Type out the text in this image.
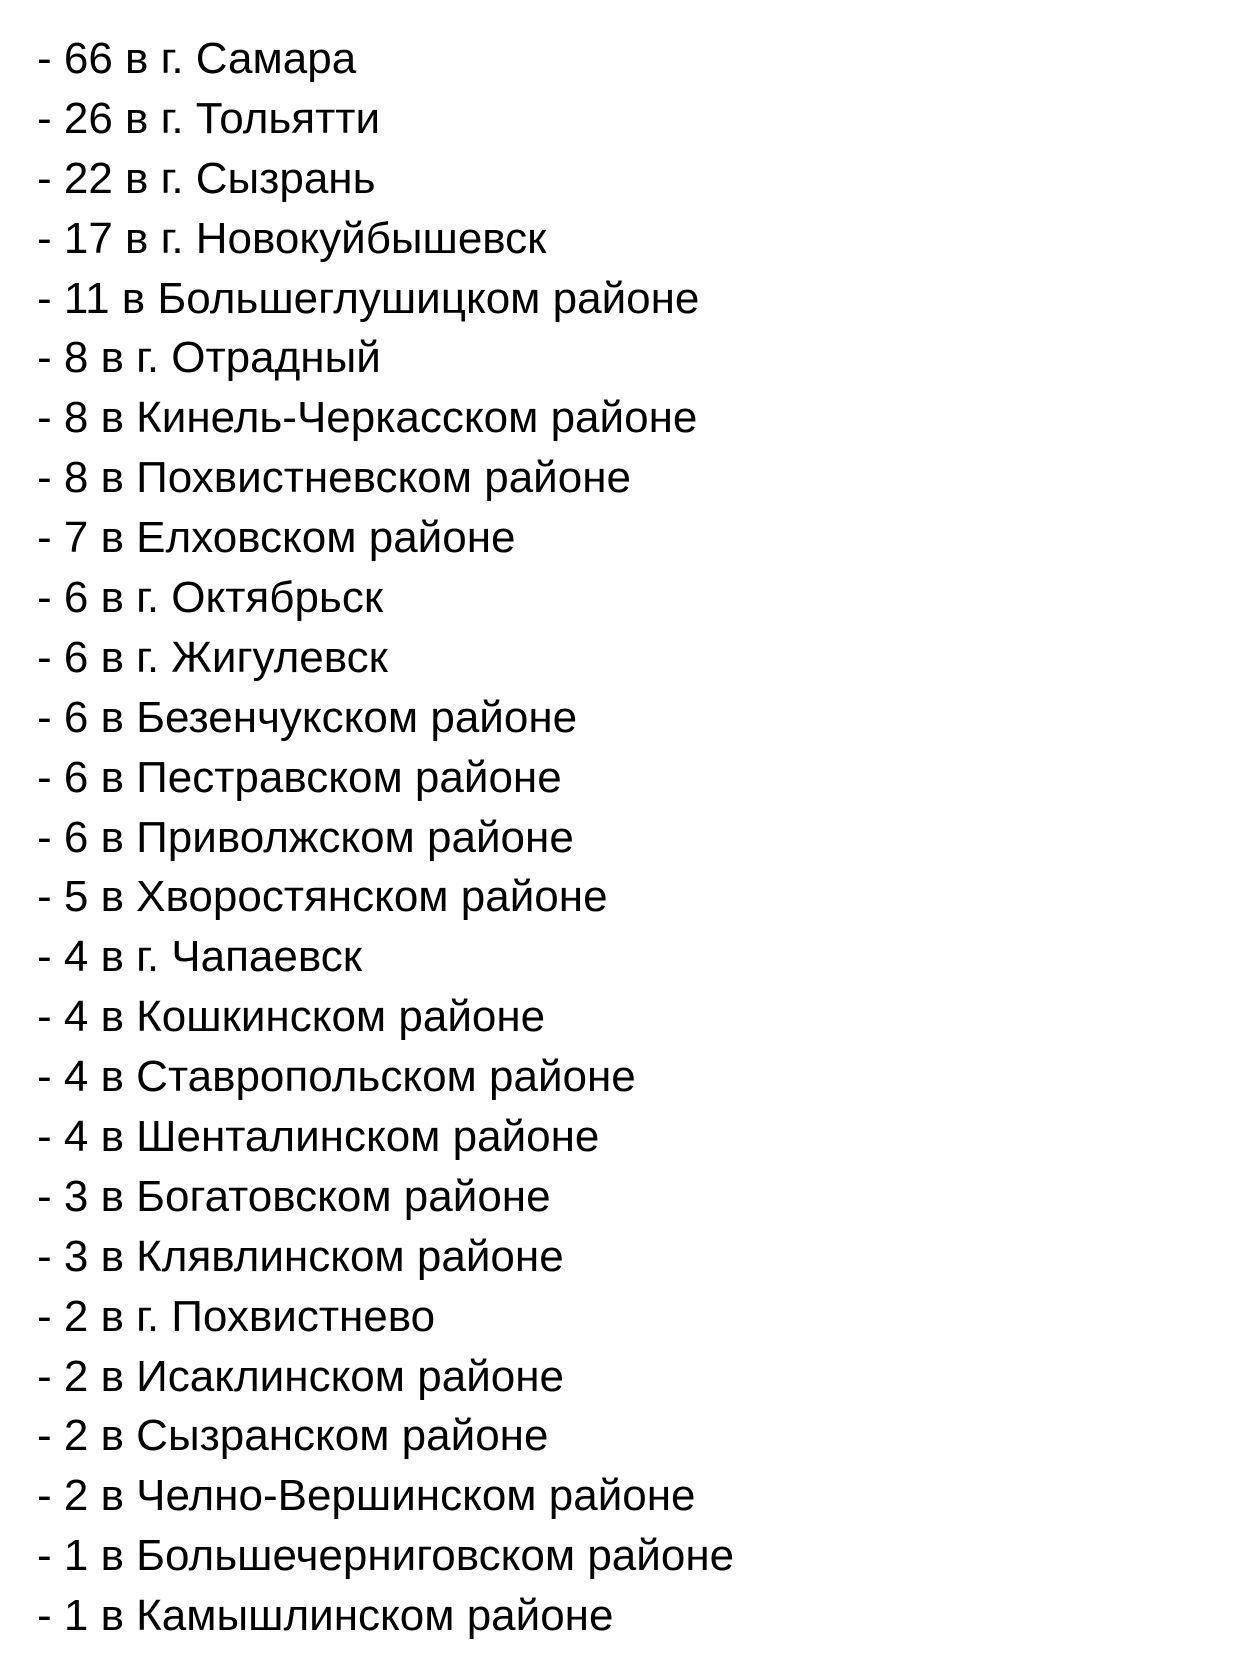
- 66 в г. Самара
- 26 в г. Тольятти
- 22 в г. Сызрань
- 17 в г. Новокуйбышевск
- 11 в Большеглушицком районе
- 8 в г. Отрадный
- 8 в Кинель-Черкасском районе
- 8 в Похвистневском районе
- 7 в Елховском районе
- 6 в г. Октябрьск
- 6 в г. Жигулевск
- 6 в Безенчукском районе
- 6 в Пестравском районе
- 6 в Приволжском районе
- 5 в Хворостянском районе
- 4 в г. Чапаевск
- 4 в Кошкинском районе
- 4 в Ставропольском районе
- 4 в Шенталинском районе
- 3 в Богатовском районе
- 3 в Клявлинском районе
- 2 в г. Похвистнево
- 2 в Исаклинском районе
- 2 в Сызранском районе
- 2 в Челно-Вершинском районе
- 1 в Большечерниговском районе
- 1 в Камышлинском районе
